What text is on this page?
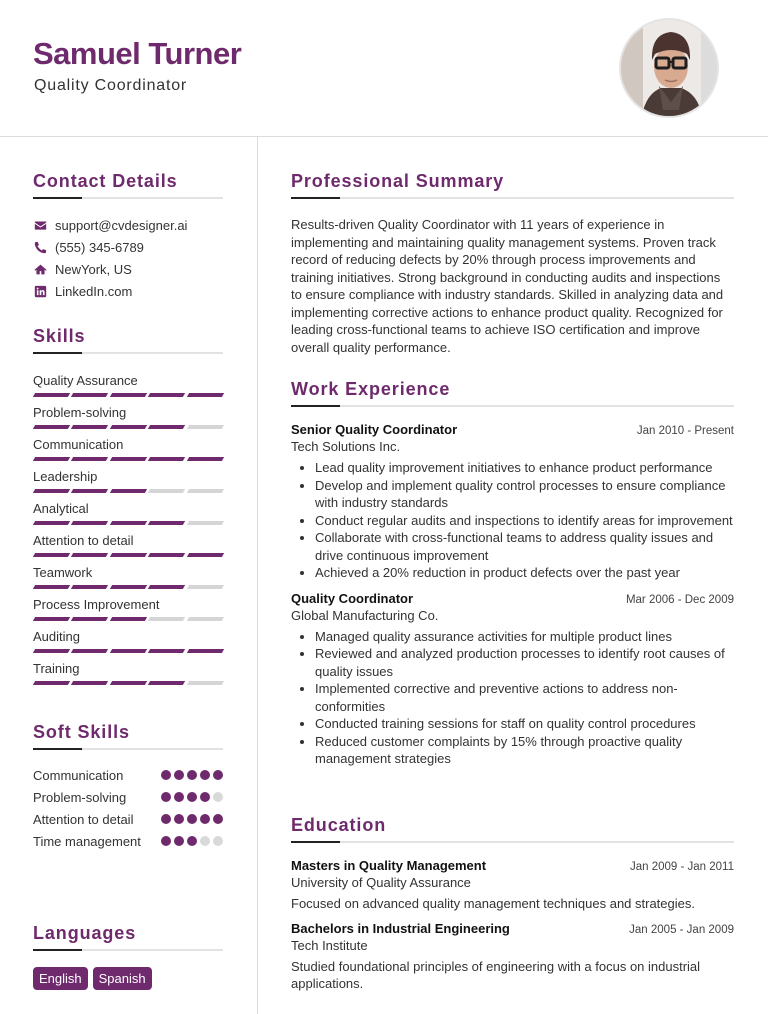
Samuel Turner
Quality Coordinator
Contact Details
support@cvdesigner.ai
(555) 345-6789
NewYork, US
LinkedIn.com
Skills
Quality Assurance
Problem-solving
Communication
Leadership
Analytical
Attention to detail
Teamwork
Process Improvement
Auditing
Training
Soft Skills
Communication
Problem-solving
Attention to detail
Time management
Languages
English	Spanish
Professional Summary

Results-driven Quality Coordinator with 11 years of experience in implementing and maintaining quality management systems. Proven track record of reducing defects by 20% through process improvements and training initiatives. Strong background in conducting audits and inspections to ensure compliance with industry standards. Skilled in analyzing data and implementing corrective actions to enhance product quality. Recognized for leading cross-functional teams to achieve ISO certification and improve overall quality performance.

Work Experience
Senior Quality Coordinator	Jan 2010 - Present
Tech Solutions Inc.
• Lead quality improvement initiatives to enhance product performance
• Develop and implement quality control processes to ensure compliance with industry standards
• Conduct regular audits and inspections to identify areas for improvement
• Collaborate with cross-functional teams to address quality issues and drive continuous improvement
• Achieved a 20% reduction in product defects over the past year
Quality Coordinator	Mar 2006 - Dec 2009
Global Manufacturing Co.
• Managed quality assurance activities for multiple product lines
• Reviewed and analyzed production processes to identify root causes of quality issues
• Implemented corrective and preventive actions to address non-conformities
• Conducted training sessions for staff on quality control procedures
• Reduced customer complaints by 15% through proactive quality management strategies
Education
Masters in Quality Management	Jan 2009 - Jan 2011
University of Quality Assurance

Focused on advanced quality management techniques and strategies.

Bachelors in Industrial Engineering	Jan 2005 - Jan 2009
Tech Institute

Studied foundational principles of engineering with a focus on industrial applications.
